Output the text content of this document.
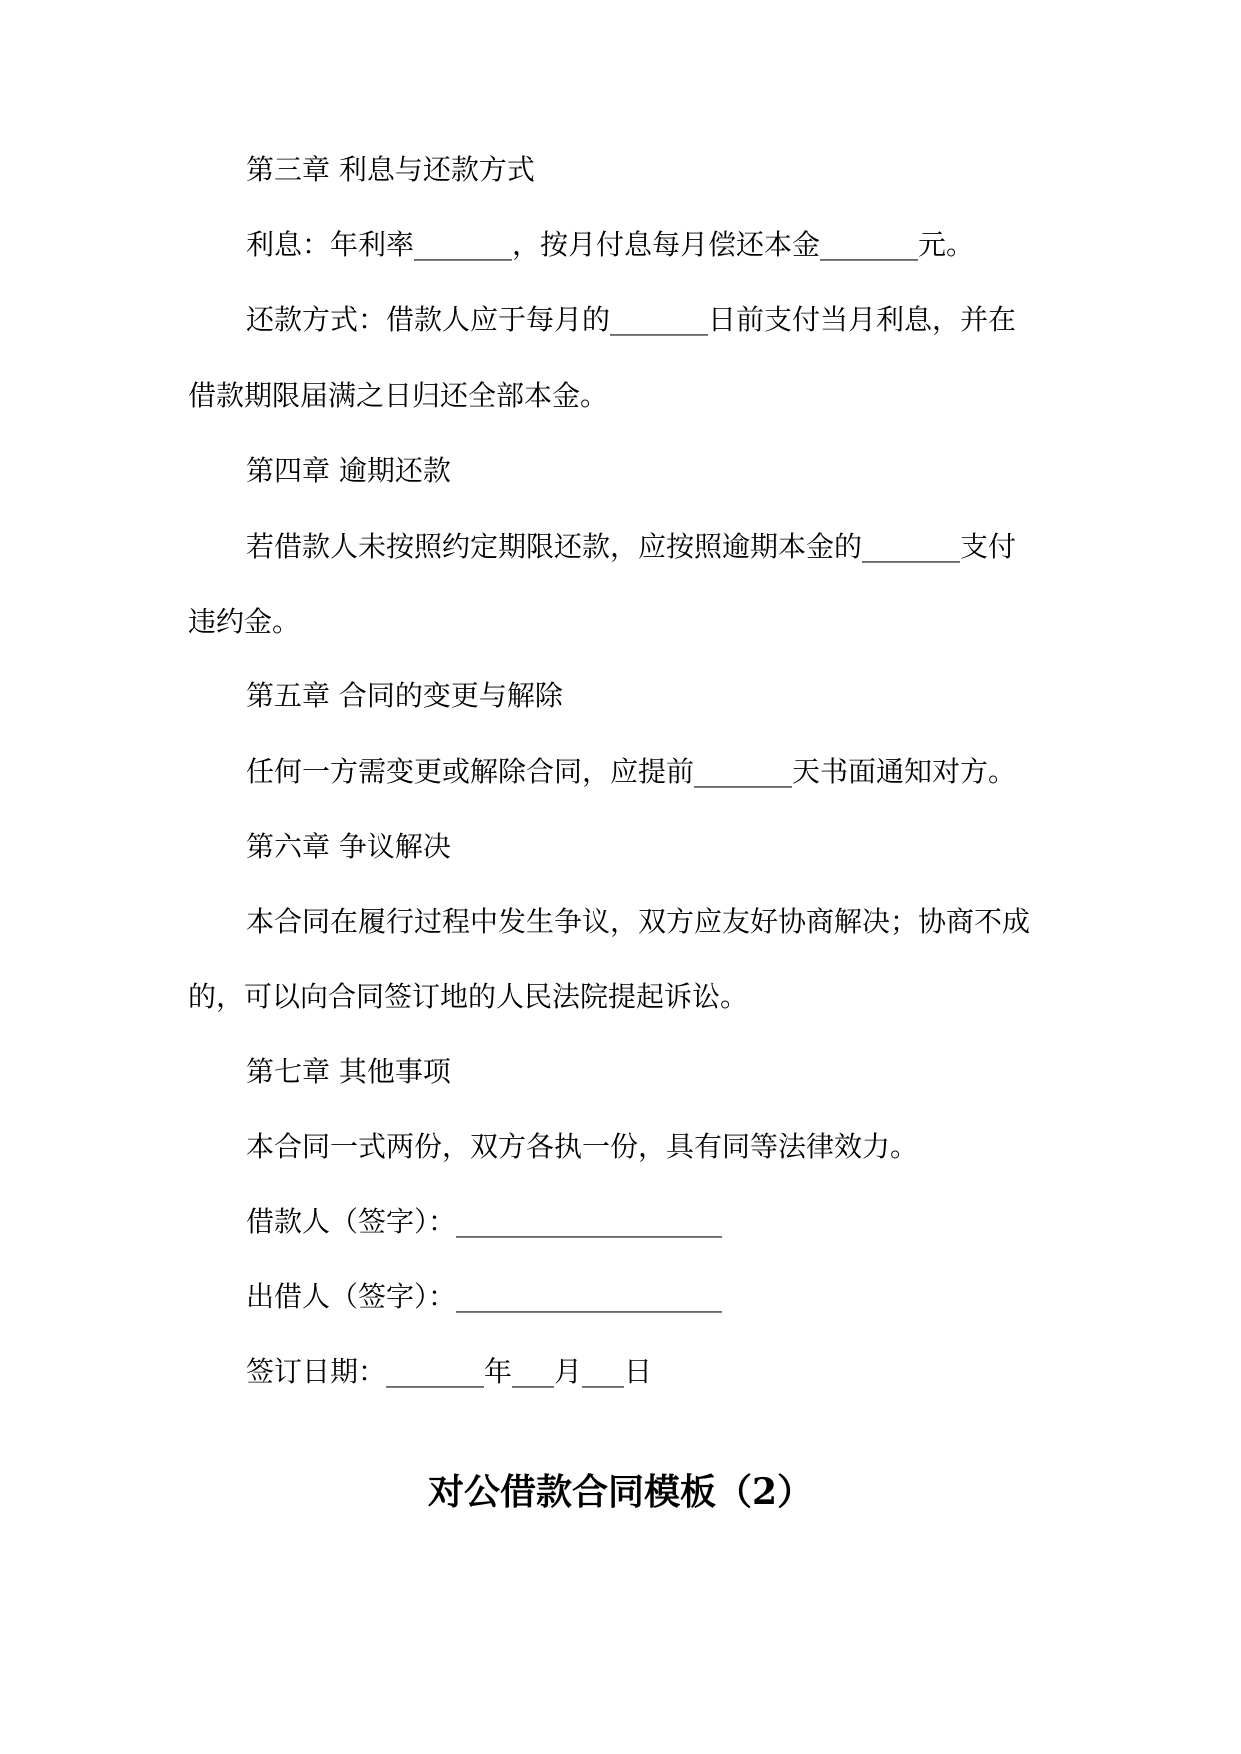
第三章 利息与还款方式
利息：年利率_______，按月付息每月偿还本金_______元。
还款方式：借款人应于每月的_______日前支付当月利息，并在
借款期限届满之日归还全部本金。
第四章 逾期还款
若借款人未按照约定期限还款，应按照逾期本金的_______支付
违约金。
第五章 合同的变更与解除
任何一方需变更或解除合同，应提前_______天书面通知对方。
第六章 争议解决
本合同在履行过程中发生争议，双方应友好协商解决；协商不成
的，可以向合同签订地的人民法院提起诉讼。
第七章 其他事项
本合同一式两份，双方各执一份，具有同等法律效力。
借款人（签字）：___________________
出借人（签字）：___________________
签订日期：_______年___月___日
对公借款合同模板（2）
